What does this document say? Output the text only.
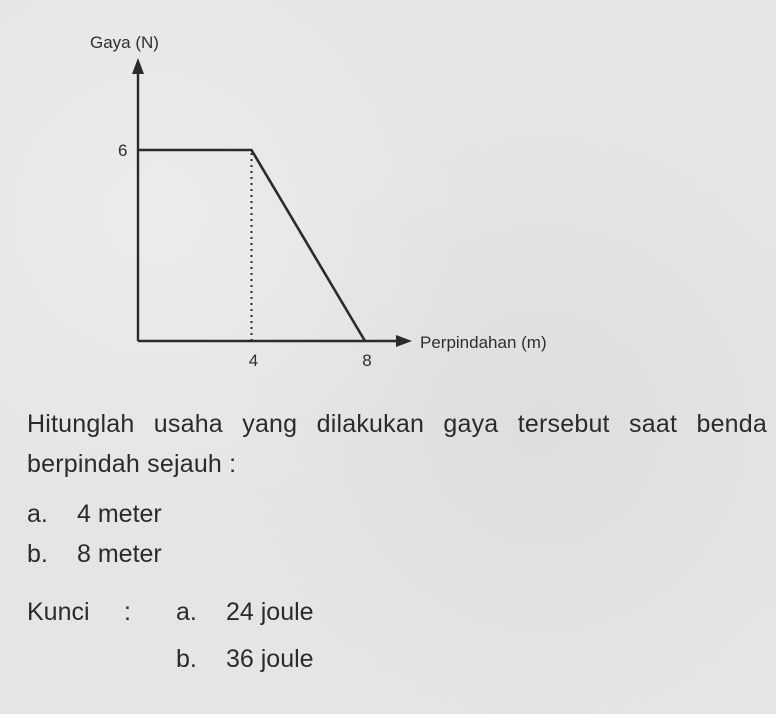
Gaya (N)
Perpindahan (m)
6
4	8
Hitunglah usaha yang dilakukan gaya tersebut saat benda berpindah sejauh :
a. 4 meter
b. 8 meter
Kunci : a. 24 joule
b. 36 joule
